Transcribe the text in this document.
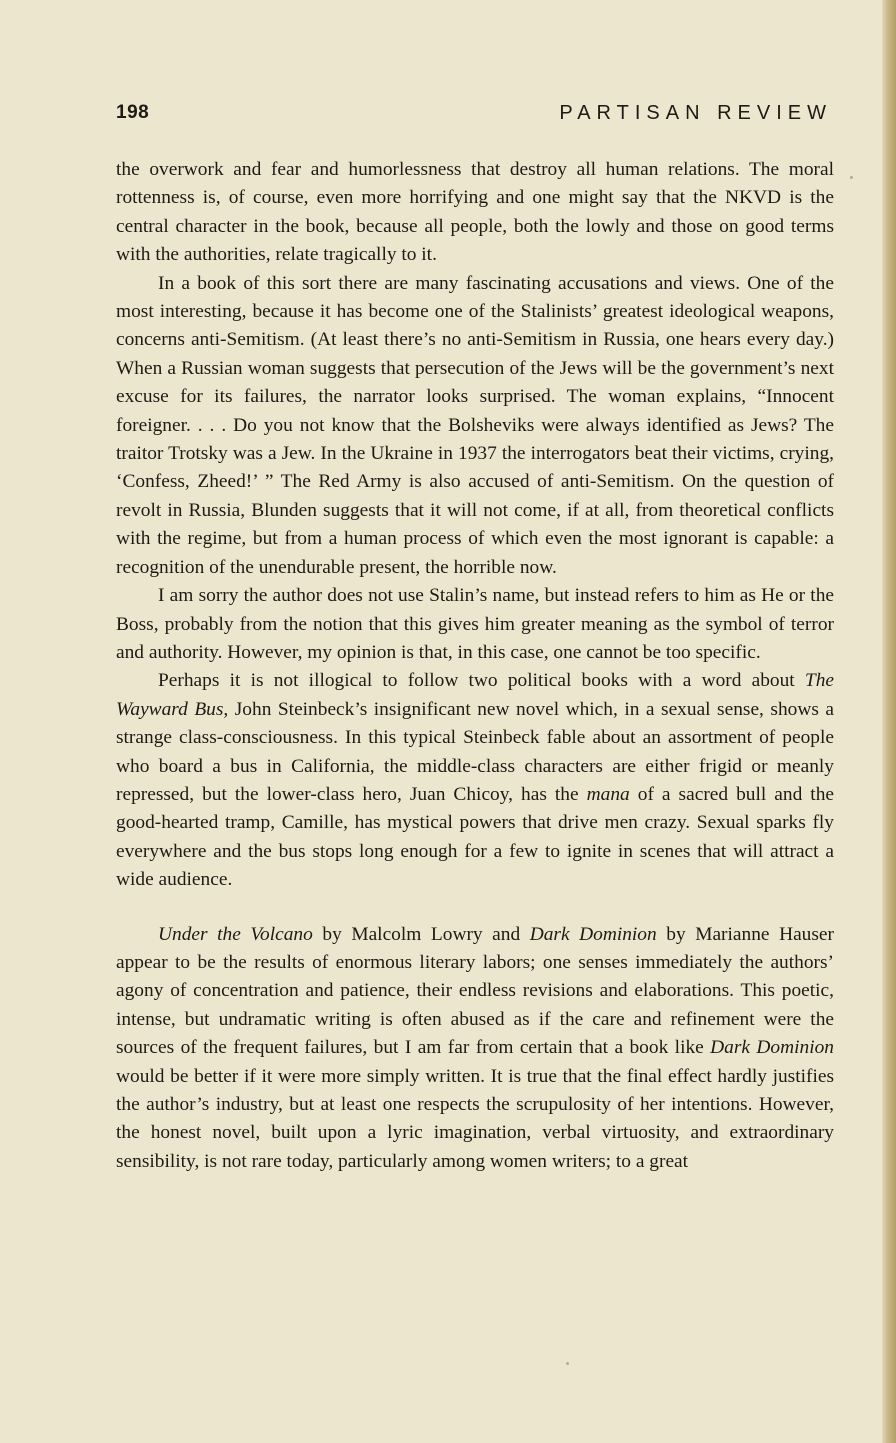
198	PARTISAN REVIEW

the overwork and fear and humorlessness that destroy all human relations. The moral rottenness is, of course, even more horrifying and one might say that the NKVD is the central character in the book, because all people, both the lowly and those on good terms with the authorities, relate tragically to it.

In a book of this sort there are many fascinating accusations and views. One of the most interesting, because it has become one of the Stalinists’ greatest ideological weapons, concerns anti-Semitism. (At least there’s no anti-Semitism in Russia, one hears every day.) When a Russian woman suggests that persecution of the Jews will be the government’s next excuse for its failures, the narrator looks surprised. The woman explains, “Innocent foreigner. . . . Do you not know that the Bolsheviks were always identified as Jews? The traitor Trotsky was a Jew. In the Ukraine in 1937 the interrogators beat their victims, crying, ‘Confess, Zheed!’ ” The Red Army is also accused of anti-Semitism. On the question of revolt in Russia, Blunden suggests that it will not come, if at all, from theoretical conflicts with the regime, but from a human process of which even the most ignorant is capable: a recognition of the unendurable present, the horrible now.

I am sorry the author does not use Stalin’s name, but instead refers to him as He or the Boss, probably from the notion that this gives him greater meaning as the symbol of terror and authority. However, my opinion is that, in this case, one cannot be too specific.

Perhaps it is not illogical to follow two political books with a word about The Wayward Bus, John Steinbeck’s insignificant new novel which, in a sexual sense, shows a strange class-consciousness. In this typical Steinbeck fable about an assortment of people who board a bus in California, the middle-class characters are either frigid or meanly repressed, but the lower-class hero, Juan Chicoy, has the mana of a sacred bull and the good-hearted tramp, Camille, has mystical powers that drive men crazy. Sexual sparks fly everywhere and the bus stops long enough for a few to ignite in scenes that will attract a wide audience.

Under the Volcano by Malcolm Lowry and Dark Dominion by Marianne Hauser appear to be the results of enormous literary labors; one senses immediately the authors’ agony of concentration and patience, their endless revisions and elaborations. This poetic, intense, but undramatic writing is often abused as if the care and refinement were the sources of the frequent failures, but I am far from certain that a book like Dark Dominion would be better if it were more simply written. It is true that the final effect hardly justifies the author’s industry, but at least one respects the scrupulosity of her intentions. However, the honest novel, built upon a lyric imagination, verbal virtuosity, and extraordinary sensibility, is not rare today, particularly among women writers; to a great
